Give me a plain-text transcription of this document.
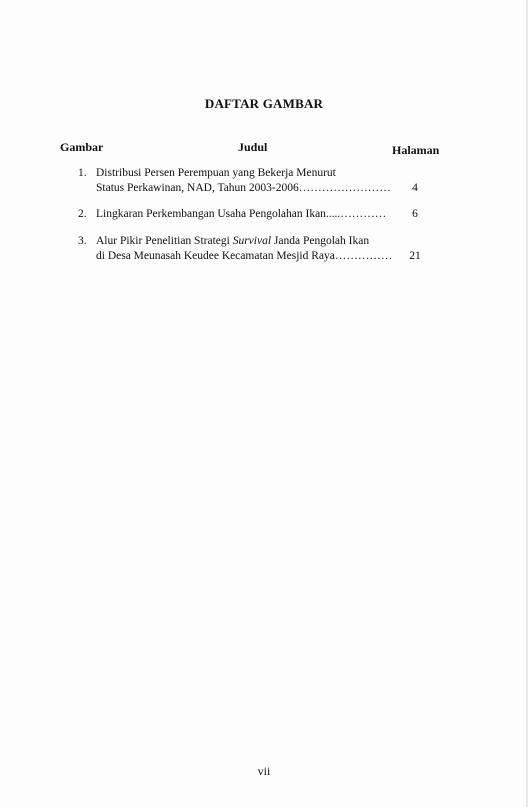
DAFTAR GAMBAR
Gambar	Judul	Halaman
1. Distribusi Persen Perempuan yang Bekerja Menurut
Status Perkawinan, NAD, Tahun 2003-2006……………………	4
2. Lingkaran Perkembangan Usaha Pengolahan Ikan.....…………	6
3. Alur Pikir Penelitian Strategi Survival Janda Pengolah Ikan
di Desa Meunasah Keudee Kecamatan Mesjid Raya……………	21
vii
